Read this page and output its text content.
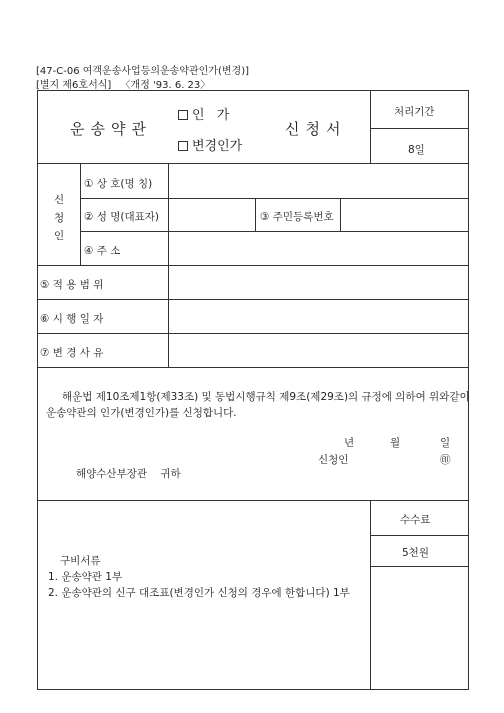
[47-C-06 여객운송사업등의운송약관인가(변경)]
[별지 제6호서식] 〈개정 '93. 6. 23〉
운송약관
인 가
변경인가
신청서
처리기간
8일
신
청
인
① 상 호(명 칭)
② 성 명(대표자)	③ 주민등록번호
④ 주 소
⑤ 적 용 범 위
⑥ 시 행 일 자
⑦ 변 경 사 유
해운법 제10조제1항(제33조) 및 동법시행규칙 제9조(제29조)의 규정에 의하여 위와같이
운송약관의 인가(변경인가)를 신청합니다.
년	월	일
신청인	㊞
해양수산부장관 귀하
수수료
5천원
구비서류
1. 운송약관 1부
2. 운송약관의 신구 대조표(변경인가 신청의 경우에 한합니다) 1부
